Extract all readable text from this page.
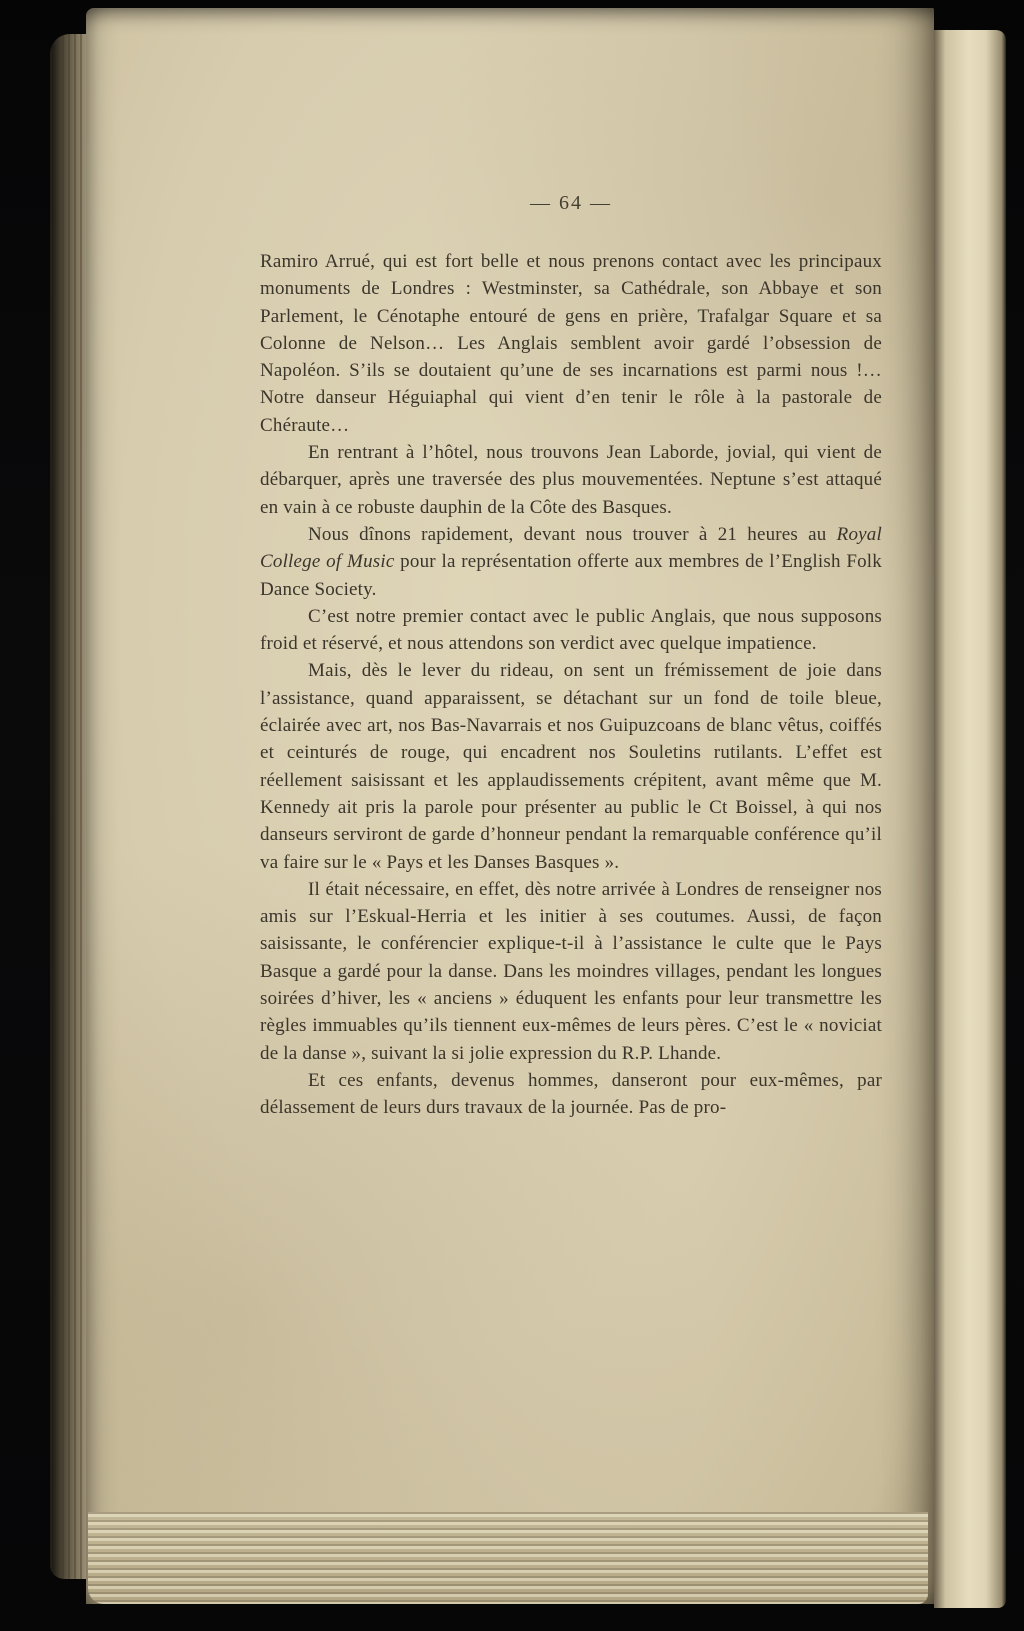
— 64 —

Ramiro Arrué, qui est fort belle et nous prenons contact avec les principaux monuments de Londres : Westminster, sa Cathédrale, son Abbaye et son Parlement, le Cénotaphe entouré de gens en prière, Trafalgar Square et sa Colonne de Nelson… Les Anglais semblent avoir gardé l’obsession de Napoléon. S’ils se doutaient qu’une de ses incarnations est parmi nous !… Notre danseur Héguiaphal qui vient d’en tenir le rôle à la pastorale de Chéraute…

En rentrant à l’hôtel, nous trouvons Jean Laborde, jovial, qui vient de débarquer, après une traversée des plus mouvementées. Neptune s’est attaqué en vain à ce robuste dauphin de la Côte des Basques.

Nous dînons rapidement, devant nous trouver à 21 heures au Royal College of Music pour la représentation offerte aux membres de l’English Folk Dance Society.

C’est notre premier contact avec le public Anglais, que nous supposons froid et réservé, et nous attendons son verdict avec quelque impatience.

Mais, dès le lever du rideau, on sent un frémissement de joie dans l’assistance, quand apparaissent, se détachant sur un fond de toile bleue, éclairée avec art, nos Bas-Navarrais et nos Guipuzcoans de blanc vêtus, coiffés et ceinturés de rouge, qui encadrent nos Souletins rutilants. L’effet est réellement saisissant et les applaudissements crépitent, avant même que M. Kennedy ait pris la parole pour présenter au public le Ct Boissel, à qui nos danseurs serviront de garde d’honneur pendant la remarquable conférence qu’il va faire sur le « Pays et les Danses Basques ».

Il était nécessaire, en effet, dès notre arrivée à Londres de renseigner nos amis sur l’Eskual-Herria et les initier à ses coutumes. Aussi, de façon saisissante, le conférencier explique-t-il à l’assistance le culte que le Pays Basque a gardé pour la danse. Dans les moindres villages, pendant les longues soirées d’hiver, les « anciens » éduquent les enfants pour leur transmettre les règles immuables qu’ils tiennent eux-mêmes de leurs pères. C’est le « noviciat de la danse », suivant la si jolie expression du R.P. Lhande.

Et ces enfants, devenus hommes, danseront pour eux-mêmes, par délassement de leurs durs travaux de la journée. Pas de pro-
